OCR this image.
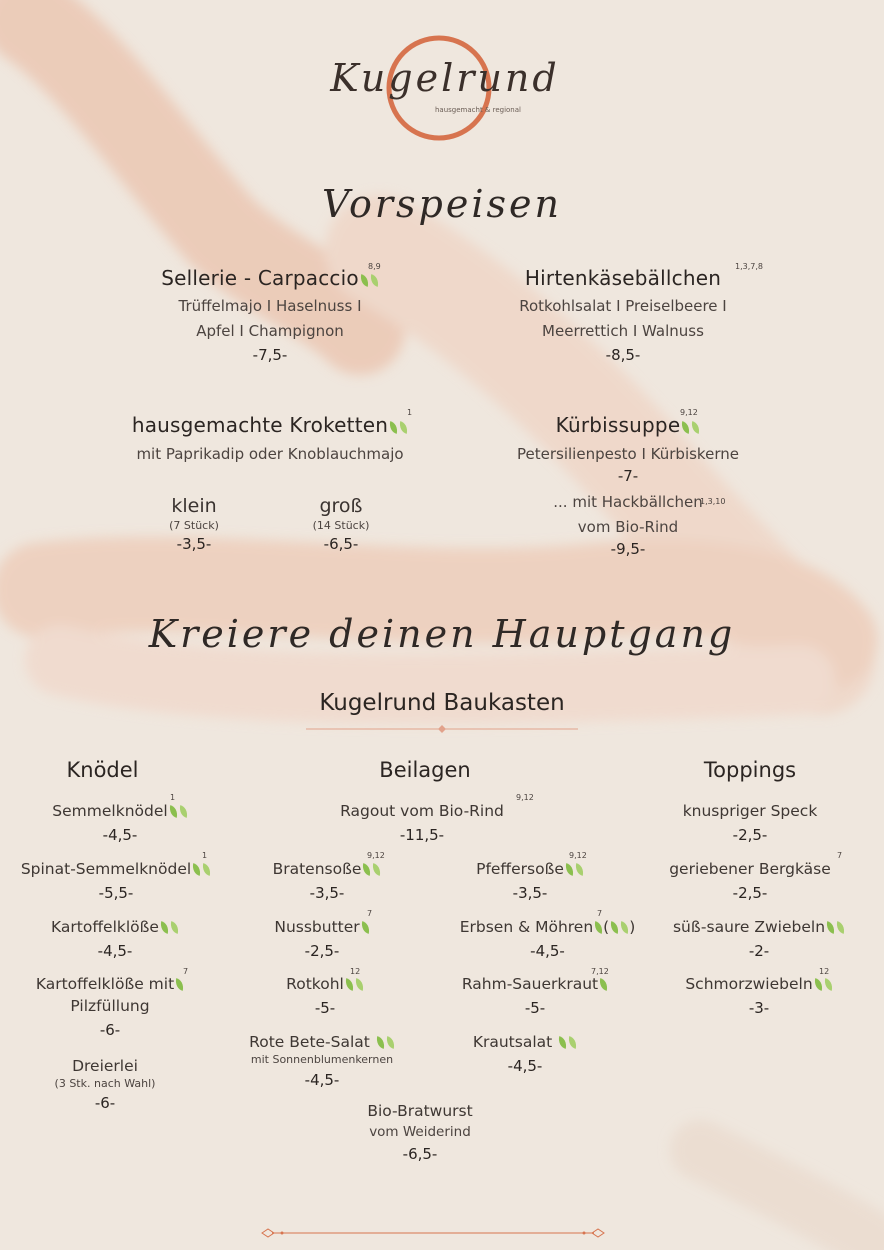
Kugelrund
hausgemacht & regional
Vorspeisen
Sellerie - Carpaccio
Trüffelmajo I Haselnuss I
Apfel I Champignon
-7,5-
8,9	Hirtenkäsebällchen
Rotkohlsalat I Preiselbeere I
Meerrettich I Walnuss
-8,5-
1,3,7,8
hausgemachte Kroketten
mit Paprikadip oder Knoblauchmajo
1
klein
(7 Stück)
-3,5-
groß
(14 Stück)
-6,5-
Kürbissuppe
Petersilienpesto I Kürbiskerne
-7-
... mit Hackbällchen
vom Bio-Rind
-9,5-
9,12
1,3,10
Kreiere deinen Hauptgang
Kugelrund Baukasten
Knödel	Beilagen	Toppings
Semmelknödel
-4,5-
1
Spinat-Semmelknödel
-5,5-
1
Kartoffelklöße
-4,5-
Kartoffelklöße mit
Pilzfüllung
-6-
7
Dreierlei
(3 Stk. nach Wahl)
-6-
Ragout vom Bio-Rind
-11,5-
9,12
Bratensoße
-3,5-
9,12
Pfeffersoße
-3,5-
9,12
Nussbutter
-2,5-
7
Erbsen & Möhren ( )
-4,5-
7
Rotkohl
-5-
12
Rahm-Sauerkraut
-5-
7,12
Rote Bete-Salat
mit Sonnenblumenkernen
-4,5-
Krautsalat
-4,5-
Bio-Bratwurst
vom Weiderind
-6,5-
knuspriger Speck
-2,5-
geriebener Bergkäse
-2,5-
7
süß-saure Zwiebeln
-2-
Schmorzwiebeln
-3-
12
